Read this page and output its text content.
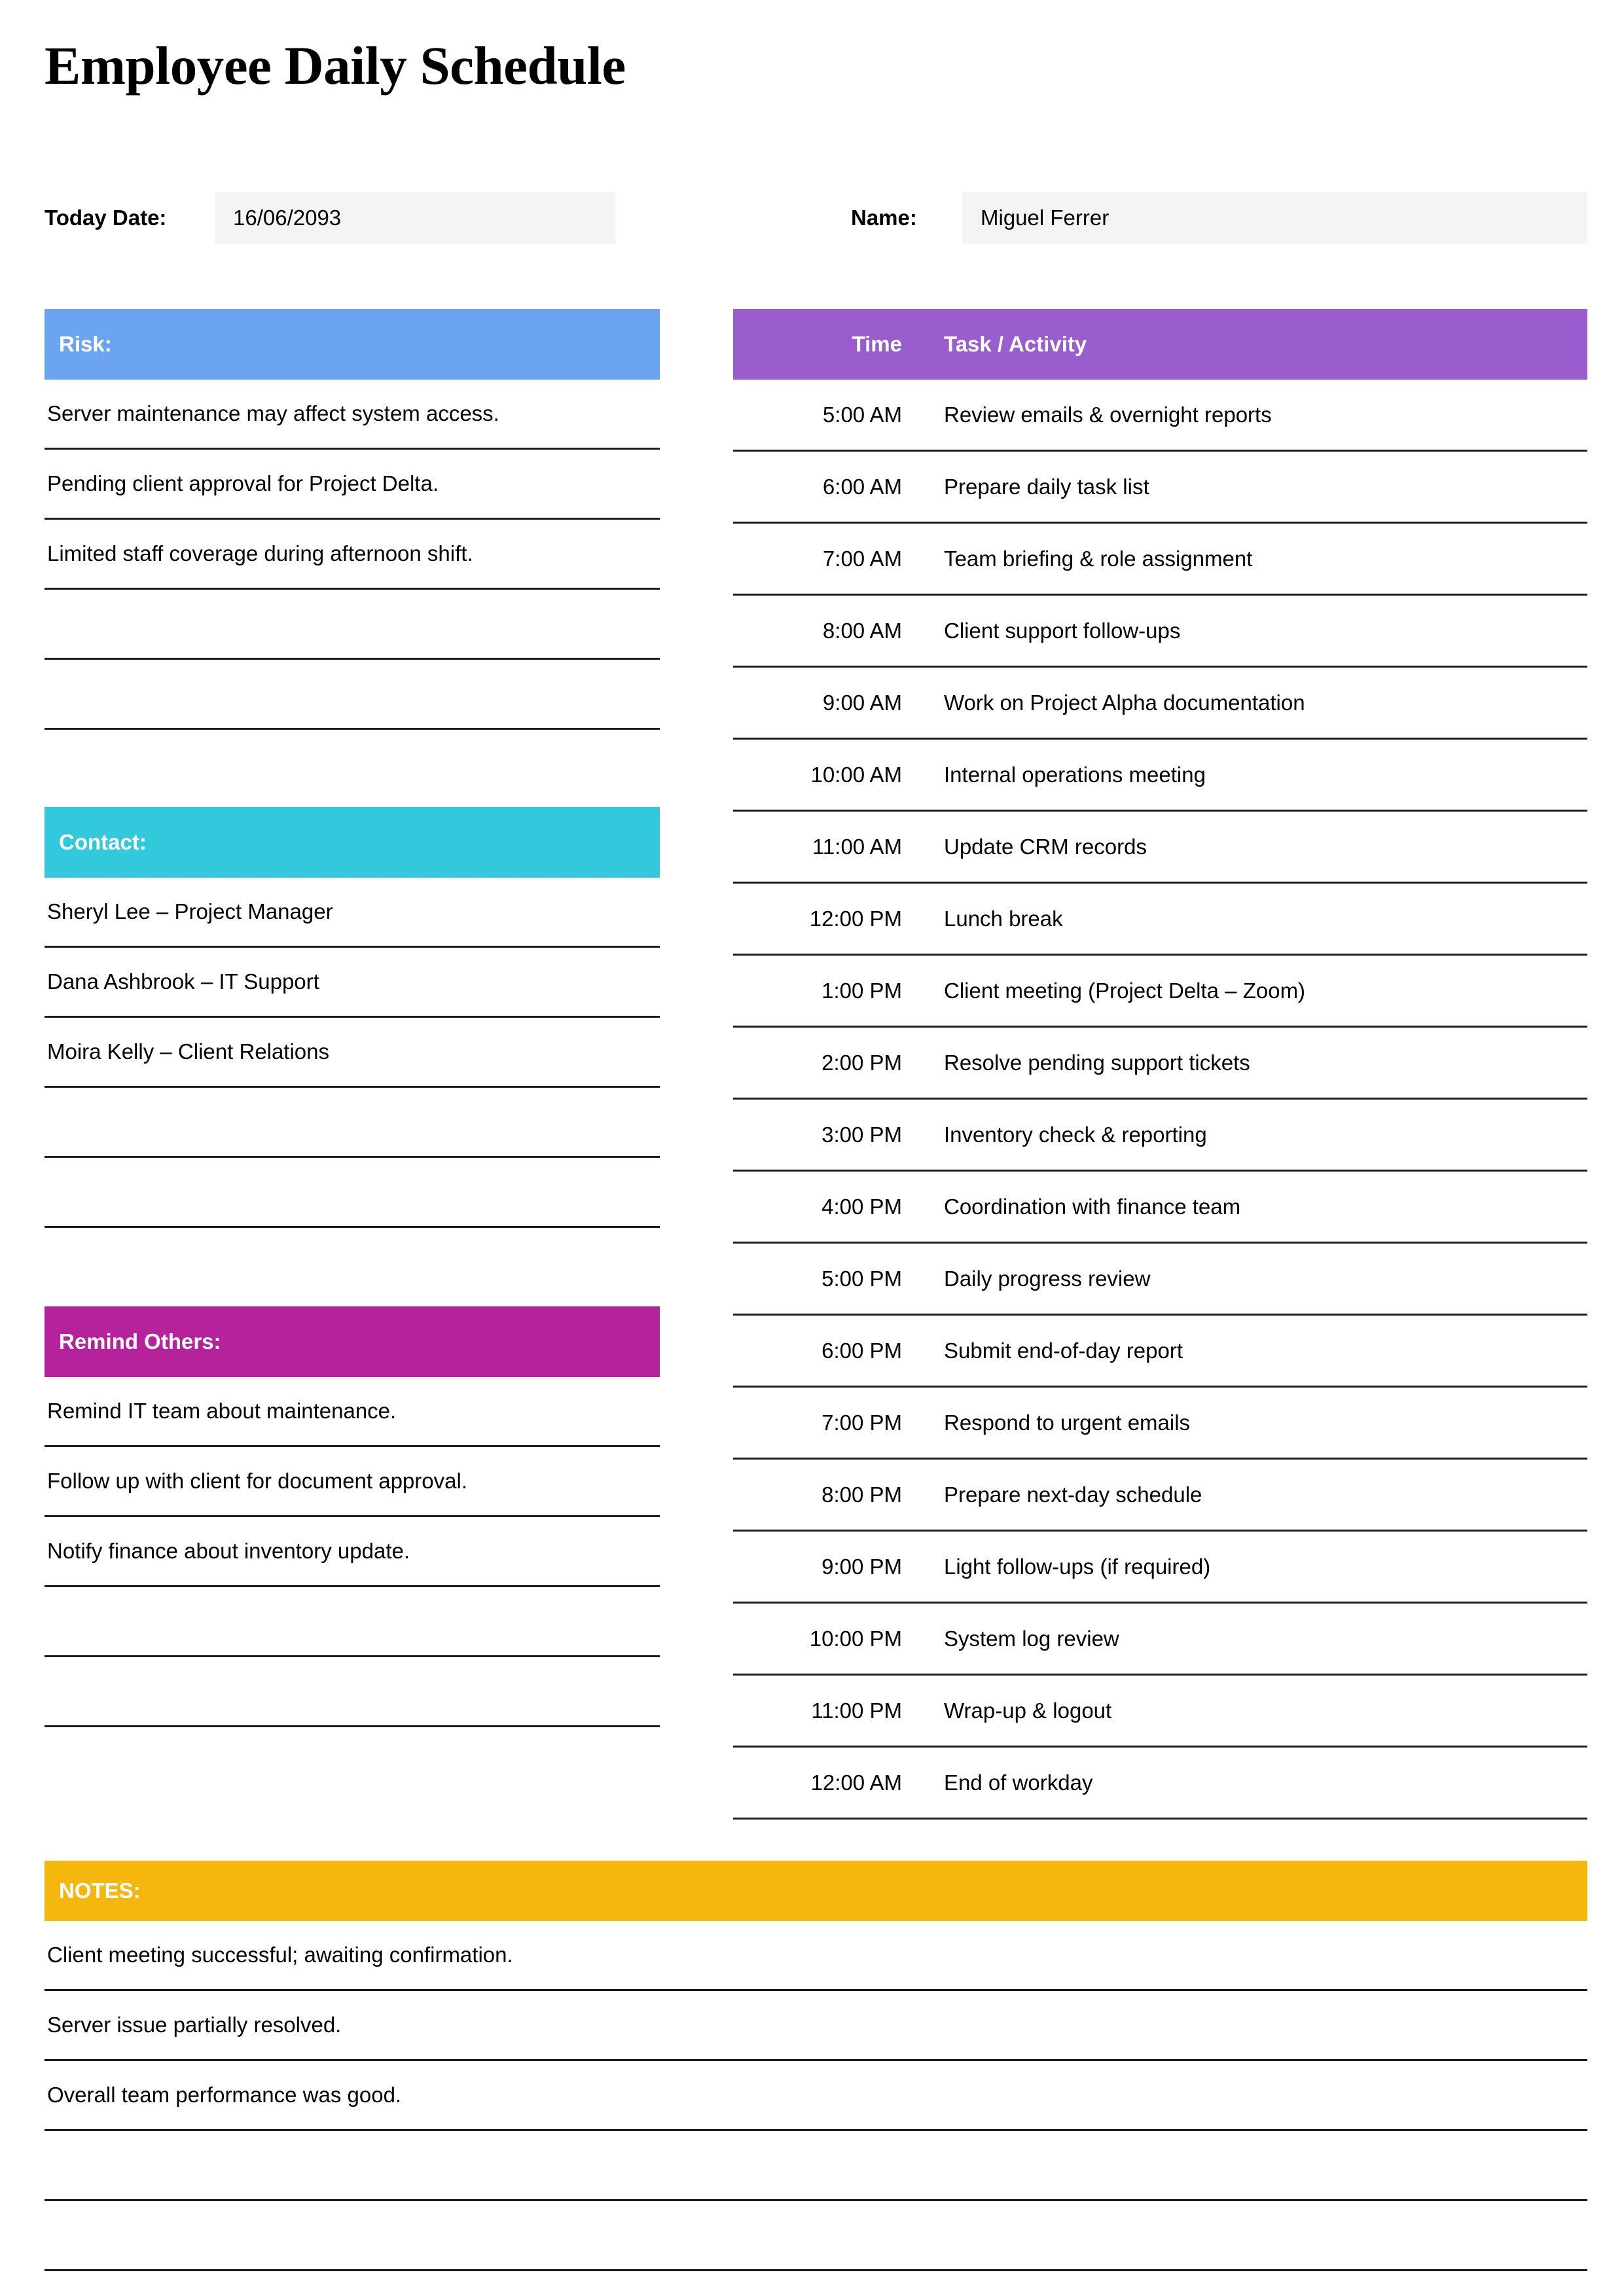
Employee Daily Schedule
Today Date:	16/06/2093	Name:	Miguel Ferrer
Risk:
Server maintenance may affect system access.
Pending client approval for Project Delta.
Limited staff coverage during afternoon shift.
Contact:
Sheryl Lee – Project Manager
Dana Ashbrook – IT Support
Moira Kelly – Client Relations
Remind Others:
Remind IT team about maintenance.
Follow up with client for document approval.
Notify finance about inventory update.
Time	Task / Activity
5:00 AM	Review emails & overnight reports
6:00 AM	Prepare daily task list
7:00 AM	Team briefing & role assignment
8:00 AM	Client support follow-ups
9:00 AM	Work on Project Alpha documentation
10:00 AM	Internal operations meeting
11:00 AM	Update CRM records
12:00 PM	Lunch break
1:00 PM	Client meeting (Project Delta – Zoom)
2:00 PM	Resolve pending support tickets
3:00 PM	Inventory check & reporting
4:00 PM	Coordination with finance team
5:00 PM	Daily progress review
6:00 PM	Submit end-of-day report
7:00 PM	Respond to urgent emails
8:00 PM	Prepare next-day schedule
9:00 PM	Light follow-ups (if required)
10:00 PM	System log review
11:00 PM	Wrap-up & logout
12:00 AM	End of workday
NOTES:
Client meeting successful; awaiting confirmation.
Server issue partially resolved.
Overall team performance was good.
